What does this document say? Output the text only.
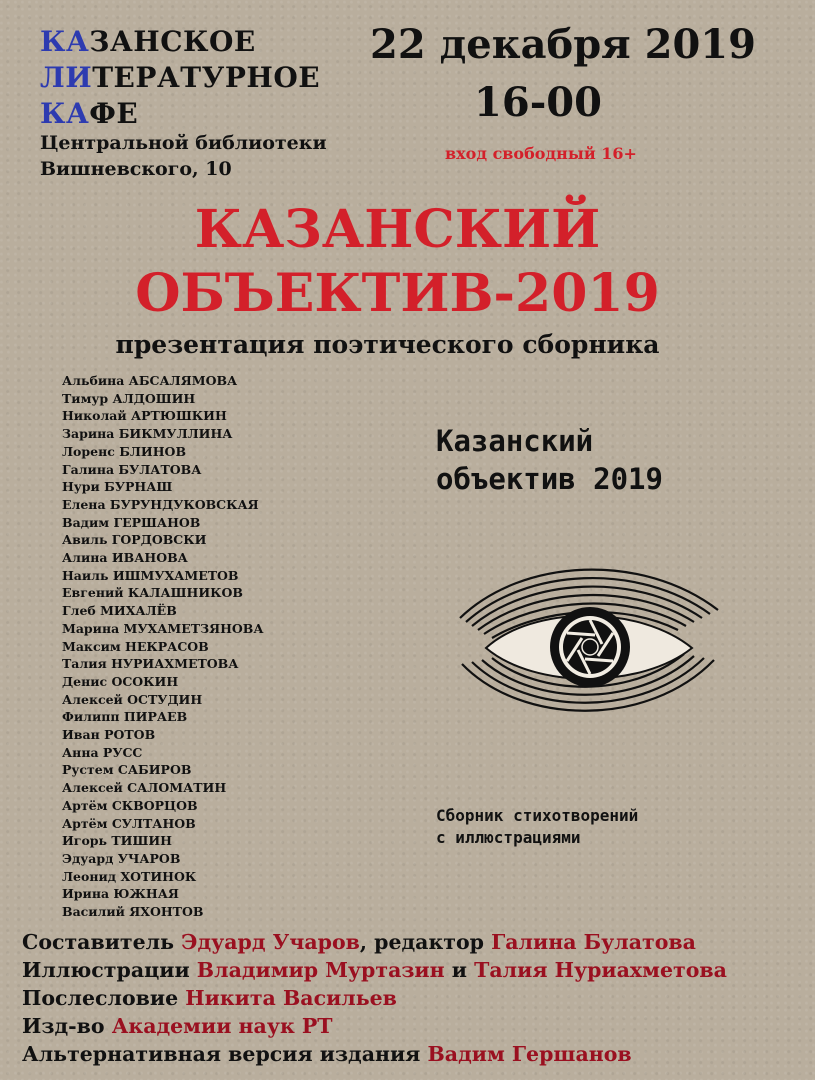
КАЗАНСКОЕ
ЛИТЕРАТУРНОЕ
КАФЕ
Центральной библиотеки
Вишневского, 10
22 декабря 2019
16-00
вход свободный 16+
КАЗАНСКИЙ
ОБЪЕКТИВ-2019
презентация поэтического сборника
Альбина АБСАЛЯМОВА
Тимур АЛДОШИН
Николай АРТЮШКИН
Зарина БИКМУЛЛИНА
Лоренс БЛИНОВ
Галина БУЛАТОВА
Нури БУРНАШ
Елена БУРУНДУКОВСКАЯ
Вадим ГЕРШАНОВ
Авиль ГОРДОВСКИ
Алина ИВАНОВА
Наиль ИШМУХАМЕТОВ
Евгений КАЛАШНИКОВ
Глеб МИХАЛЁВ
Марина МУХАМЕТЗЯНОВА
Максим НЕКРАСОВ
Талия НУРИАХМЕТОВА
Денис ОСОКИН
Алексей ОСТУДИН
Филипп ПИРАЕВ
Иван РОТОВ
Анна РУСС
Рустем САБИРОВ
Алексей САЛОМАТИН
Артём СКВОРЦОВ
Артём СУЛТАНОВ
Игорь ТИШИН
Эдуард УЧАРОВ
Леонид ХОТИНОК
Ирина ЮЖНАЯ
Василий ЯХОНТОВ
Казанский
объектив 2019
Сборник стихотворений
с иллюстрациями
Составитель Эдуард Учаров, редактор Галина Булатова
Иллюстрации Владимир Муртазин и Талия Нуриахметова
Послесловие Никита Васильев
Изд-во Академии наук РТ
Альтернативная версия издания Вадим Гершанов
